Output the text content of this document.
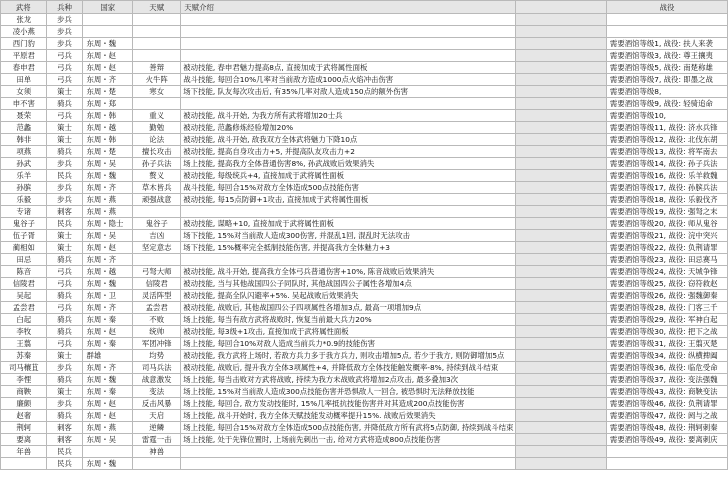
武将	兵种	国家	天赋	天赋介绍		战役
张龙	步兵					
凌小燕	步兵					
西门豹	步兵	东周・魏				需要酒馆等级1, 战役: 扶人来袭
平原君	弓兵	东周・赵				需要酒馆等级3, 战役: 尊王攘夷
春申君	弓兵	东周・赵	善辩	被动技能, 春申君魅力提高8点, 直接加成于武将属性面板		需要酒馆等级5, 战役: 南楚称雄
田单	弓兵	东周・齐	火牛阵	战斗技能, 每回合10%几率对当前敌方造成1000点火焰冲击伤害		需要酒馆等级7, 战役: 即墨之战
女须	策士	东周・楚	寒女	场下技能, 队友每次攻击后, 有35%几率对敌人造成150点的额外伤害		需要酒馆等级8,
申不害	骑兵	东周・郑				需要酒馆等级9, 战役: 轻骑追命
聂荣	弓兵	东周・韩	重义	被动技能, 战斗开始, 为我方所有武将增加20士兵		需要酒馆等级10,
范蠡	策士	东周・越	勤勉	被动技能, 范蠡修炼经验增加20%		需要酒馆等级11, 战役: 济水兵锋
韩非	策士	东周・韩	论法	被动技能, 战斗开始, 敌我双方全体武将魅力下降10点		需要酒馆等级12, 战役: 北伐东胡
项燕	骑兵	东周・楚	擅长攻击	被动技能, 提高自身攻击力+5, 并提高队友攻击力+2		需要酒馆等级13, 战役: 将军南去
孙武	步兵	东周・吴	孙子兵法	场上技能, 提高我方全体普通伤害8%, 孙武战败后效果消失		需要酒馆等级14, 战役: 孙子兵法
乐羊	民兵	东周・魏	赘义	被动技能, 每级统兵+4, 直接加成于武将属性面板		需要酒馆等级16, 战役: 乐羊救魏
孙膑	步兵	东周・齐	草木皆兵	战斗技能, 每回合15%对敌方全体造成500点技能伤害		需要酒馆等级17, 战役: 孙膑兵法
乐毅	步兵	东周・燕	顽强战意	被动技能, 每15点防御+1攻击, 直接加成于武将属性面板		需要酒馆等级18, 战役: 乐毅伐齐
专诸	刺客	东周・燕				需要酒馆等级19, 战役: 强弩之末
鬼谷子	民兵	东周・隐士	鬼谷子	被动技能, 谋略+10, 直接加成于武将属性面板		需要酒馆等级20, 战役: 师从鬼谷
伍子胥	策士	东周・吴	吉凶	场下技能, 15%对当前敌人造成300伤害, 并混乱1回, 混乱时无法攻击		需要酒馆等级21, 战役: 浣中突兴
蔺相如	策士	东周・赵	坚定意志	场下技能, 15%概率完全抵制技能伤害, 并提高我方全体魅力+3		需要酒馆等级22, 战役: 负荆请罪
田忌	骑兵	东周・齐				需要酒馆等级23, 战役: 田忌赛马
陈音	弓兵	东周・越	弓弩大师	被动技能, 战斗开始, 提高我方全体弓兵普通伤害+10%, 陈音战败后效果消失		需要酒馆等级24, 战役: 天城争锋
信陵君	弓兵	东周・魏	信陵君	被动技能, 当与其他战国四公子同队时, 其他战国四公子属性各增加4点		需要酒馆等级25, 战役: 窃符救赵
吴起	骑兵	东周・卫	灵活阵型	被动技能, 提高全队闪避率+5%. 吴起战败后效果消失		需要酒馆等级26, 战役: 强魏御秦
孟尝君	弓兵	东周・齐	孟尝君	被动技能, 战败后, 其他战国四公子四项属性各增加3点, 最高一项增加9点		需要酒馆等级28, 战役: 门客三千
白起	骑兵	东周・秦	不败	场上技能, 每当有敌方武将战败时, 恢复当前最大兵力20%		需要酒馆等级29, 战役: 军神白起
李牧	骑兵	东周・赵	统帅	被动技能, 每3级+1攻击, 直接加成于武将属性面板		需要酒馆等级30, 战役: 把下之战
王翦	弓兵	东周・秦	军团冲锋	场上技能, 每回合10%对敌人造成当前兵力*0.9的技能伤害		需要酒馆等级31, 战役: 王翦灭楚
苏秦	策士	群雄	均势	被动技能, 我方武将上场时, 若敌方兵力多于我方兵力, 则攻击增加5点, 若少于我方, 则防御增加5点		需要酒馆等级34, 战役: 纵横捭阖
司马穰苴	步兵	东周・齐	司马兵法	被动技能, 战败后, 提升我方全体3项属性+4, 并降低敌方全体技能触发概率-8%, 持续到战斗结束		需要酒馆等级36, 战役: 临危受命
李悝	骑兵	东周・魏	战意激发	场上技能, 每当击败对方武将战败, 持续为我方未战败武将增加2点攻击, 最多叠加3次		需要酒馆等级37, 战役: 变法强魏
商鞅	策士	东周・秦	变法	场上技能, 15%对当前敌人造成300点技能伤害并恐惧敌人一回合, 被恐惧时无法释放技能		需要酒馆等级43, 战役: 商鞅变法
廉颇	步兵	东周・赵	反击风暴	场上技能, 每回合, 敌方发动技能时, 15%几率抵抗技能伤害并对其造成200点技能伤害		需要酒馆等级46, 战役: 负荆请罪
赵奢	骑兵	东周・赵	天启	场上技能, 战斗开始时, 我方全体天赋技能发动概率提升15%. 战败后效果消失		需要酒馆等级47, 战役: 阏与之战
荆轲	刺客	东周・燕	逆鳞	场上技能, 每回合15%对敌方全体造成500点技能伤害, 并降低敌方所有武将5点防御, 持续到战斗结束		需要酒馆等级48, 战役: 荆轲刺秦
要离	刺客	东周・吴	雷霆一击	场上技能, 处于先锋位置时, 上场前先刺出一击, 给对方武将造成800点技能伤害		需要酒馆等级49, 战役: 要离刺庆
年兽	民兵		神兽			
	民兵	东周・魏				
